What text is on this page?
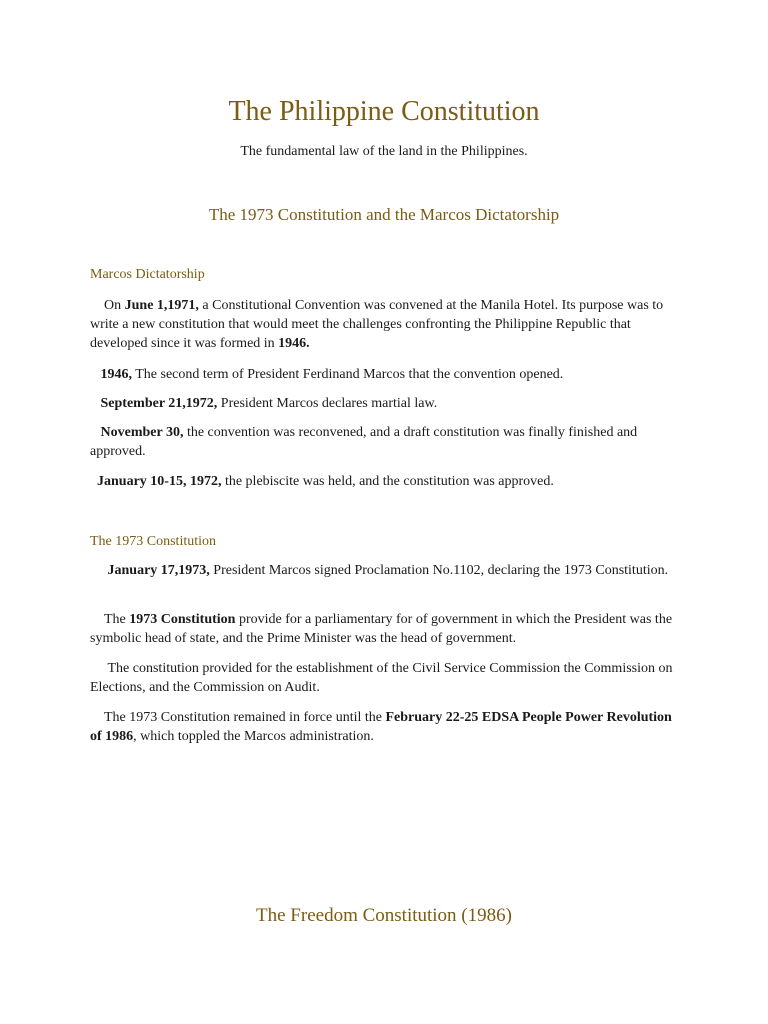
The Philippine Constitution

The fundamental law of the land in the Philippines.

The 1973 Constitution and the Marcos Dictatorship
Marcos Dictatorship

On June 1,1971, a Constitutional Convention was convened at the Manila Hotel. Its purpose was to write a new constitution that would meet the challenges confronting the Philippine Republic that developed since it was formed in 1946.

1946, The second term of President Ferdinand Marcos that the convention opened.

September 21,1972, President Marcos declares martial law.

November 30, the convention was reconvened, and a draft constitution was finally finished and approved.

January 10-15, 1972, the plebiscite was held, and the constitution was approved.

The 1973 Constitution

January 17,1973, President Marcos signed Proclamation No.1102, declaring the 1973 Constitution.

The 1973 Constitution provide for a parliamentary for of government in which the President was the symbolic head of state, and the Prime Minister was the head of government.

The constitution provided for the establishment of the Civil Service Commission the Commission on Elections, and the Commission on Audit.

The 1973 Constitution remained in force until the February 22-25 EDSA People Power Revolution of 1986, which toppled the Marcos administration.

The Freedom Constitution (1986)
